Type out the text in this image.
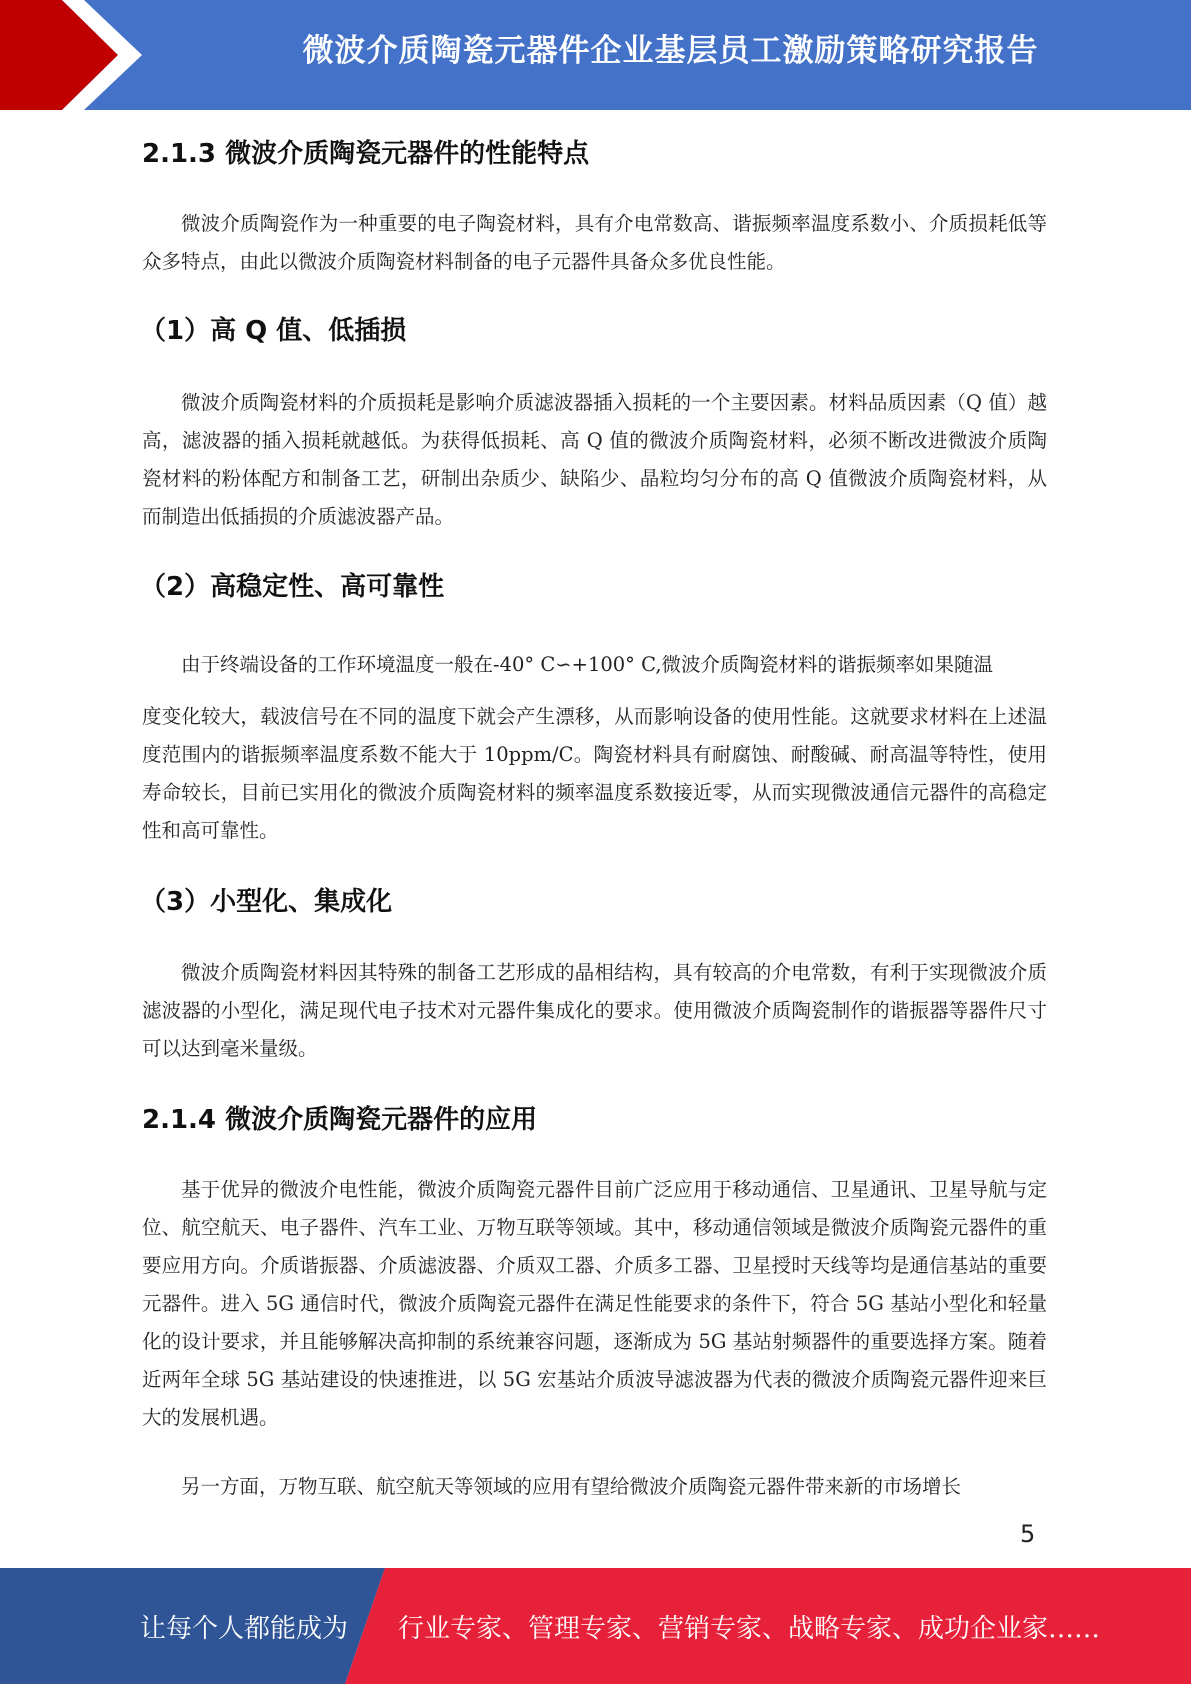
微波介质陶瓷元器件企业基层员工激励策略研究报告
2.1.3 微波介质陶瓷元器件的性能特点

微波介质陶瓷作为一种重要的电子陶瓷材料，具有介电常数高、谐振频率温度系数小、介质损耗低等众多特点，由此以微波介质陶瓷材料制备的电子元器件具备众多优良性能。

（1）高 Q 值、低插损

微波介质陶瓷材料的介质损耗是影响介质滤波器插入损耗的一个主要因素。材料品质因素（Q 值）越高，滤波器的插入损耗就越低。为获得低损耗、高 Q 值的微波介质陶瓷材料，必须不断改进微波介质陶瓷材料的粉体配方和制备工艺，研制出杂质少、缺陷少、晶粒均匀分布的高 Q 值微波介质陶瓷材料，从而制造出低插损的介质滤波器产品。

（2）高稳定性、高可靠性

由于终端设备的工作环境温度一般在-40° C∽+100° C,微波介质陶瓷材料的谐振频率如果随温

度变化较大，载波信号在不同的温度下就会产生漂移，从而影响设备的使用性能。这就要求材料在上述温度范围内的谐振频率温度系数不能大于 10ppm/C。陶瓷材料具有耐腐蚀、耐酸碱、耐高温等特性，使用寿命较长，目前已实用化的微波介质陶瓷材料的频率温度系数接近零，从而实现微波通信元器件的高稳定性和高可靠性。

（3）小型化、集成化

微波介质陶瓷材料因其特殊的制备工艺形成的晶相结构，具有较高的介电常数，有利于实现微波介质滤波器的小型化，满足现代电子技术对元器件集成化的要求。使用微波介质陶瓷制作的谐振器等器件尺寸可以达到毫米量级。

2.1.4 微波介质陶瓷元器件的应用

基于优异的微波介电性能，微波介质陶瓷元器件目前广泛应用于移动通信、卫星通讯、卫星导航与定位、航空航天、电子器件、汽车工业、万物互联等领域。其中，移动通信领域是微波介质陶瓷元器件的重要应用方向。介质谐振器、介质滤波器、介质双工器、介质多工器、卫星授时天线等均是通信基站的重要元器件。进入 5G 通信时代，微波介质陶瓷元器件在满足性能要求的条件下，符合 5G 基站小型化和轻量化的设计要求，并且能够解决高抑制的系统兼容问题，逐渐成为 5G 基站射频器件的重要选择方案。随着近两年全球 5G 基站建设的快速推进，以 5G 宏基站介质波导滤波器为代表的微波介质陶瓷元器件迎来巨大的发展机遇。

另一方面，万物互联、航空航天等领域的应用有望给微波介质陶瓷元器件带来新的市场增长

5
让每个人都能成为 行业专家、管理专家、营销专家、战略专家、成功企业家……
